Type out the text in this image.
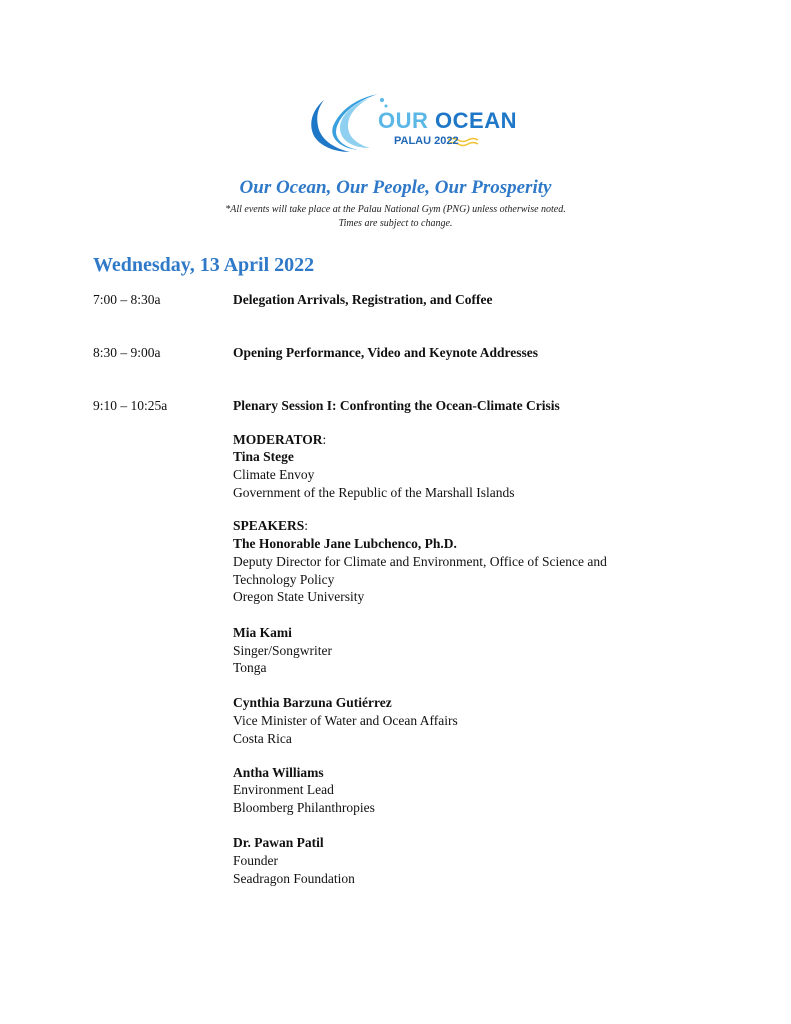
OUR OCEAN
PALAU 2022
Our Ocean, Our People, Our Prosperity
*All events will take place at the Palau National Gym (PNG) unless otherwise noted.
Times are subject to change.
Wednesday, 13 April 2022
7:00 – 8:30a	Delegation Arrivals, Registration, and Coffee
8:30 – 9:00a	Opening Performance, Video and Keynote Addresses
9:10 – 10:25a	Plenary Session I: Confronting the Ocean-Climate Crisis
MODERATOR:
Tina Stege
Climate Envoy
Government of the Republic of the Marshall Islands
SPEAKERS:
The Honorable Jane Lubchenco, Ph.D.
Deputy Director for Climate and Environment, Office of Science and
Technology Policy
Oregon State University
Mia Kami
Singer/Songwriter
Tonga
Cynthia Barzuna Gutiérrez
Vice Minister of Water and Ocean Affairs
Costa Rica
Antha Williams
Environment Lead
Bloomberg Philanthropies
Dr. Pawan Patil
Founder
Seadragon Foundation
